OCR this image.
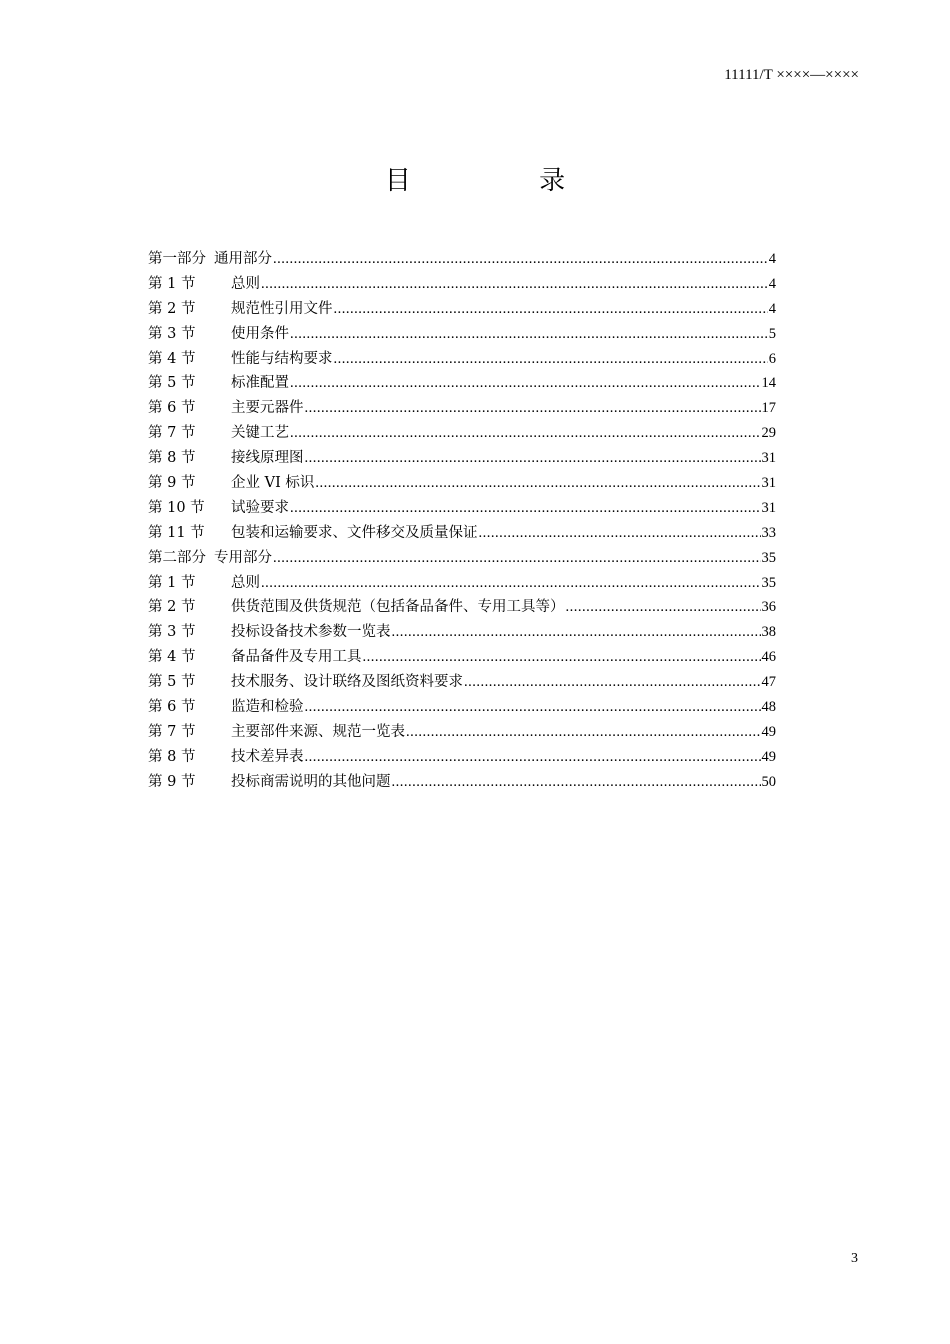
11111/T ××××—××××
目 录
第一部分 通用部分 .....	4
第 1 节	总则 .....	4
第 2 节	规范性引用文件 .....	4
第 3 节	使用条件 .....	5
第 4 节	性能与结构要求 .....	6
第 5 节	标准配置 .....	14
第 6 节	主要元器件 .....	17
第 7 节	关键工艺 .....	29
第 8 节	接线原理图 .....	31
第 9 节	企业 VI 标识 .....	31
第 10 节	试验要求 .....	31
第 11 节	包装和运输要求、文件移交及质量保证 .....	33
第二部分 专用部分 .....	35
第 1 节	总则 .....	35
第 2 节	供货范围及供货规范（包括备品备件、专用工具等） .....	36
第 3 节	投标设备技术参数一览表 .....	38
第 4 节	备品备件及专用工具 .....	46
第 5 节	技术服务、设计联络及图纸资料要求 .....	47
第 6 节	监造和检验 .....	48
第 7 节	主要部件来源、规范一览表 .....	49
第 8 节	技术差异表 .....	49
第 9 节	投标商需说明的其他问题 .....	50
3
